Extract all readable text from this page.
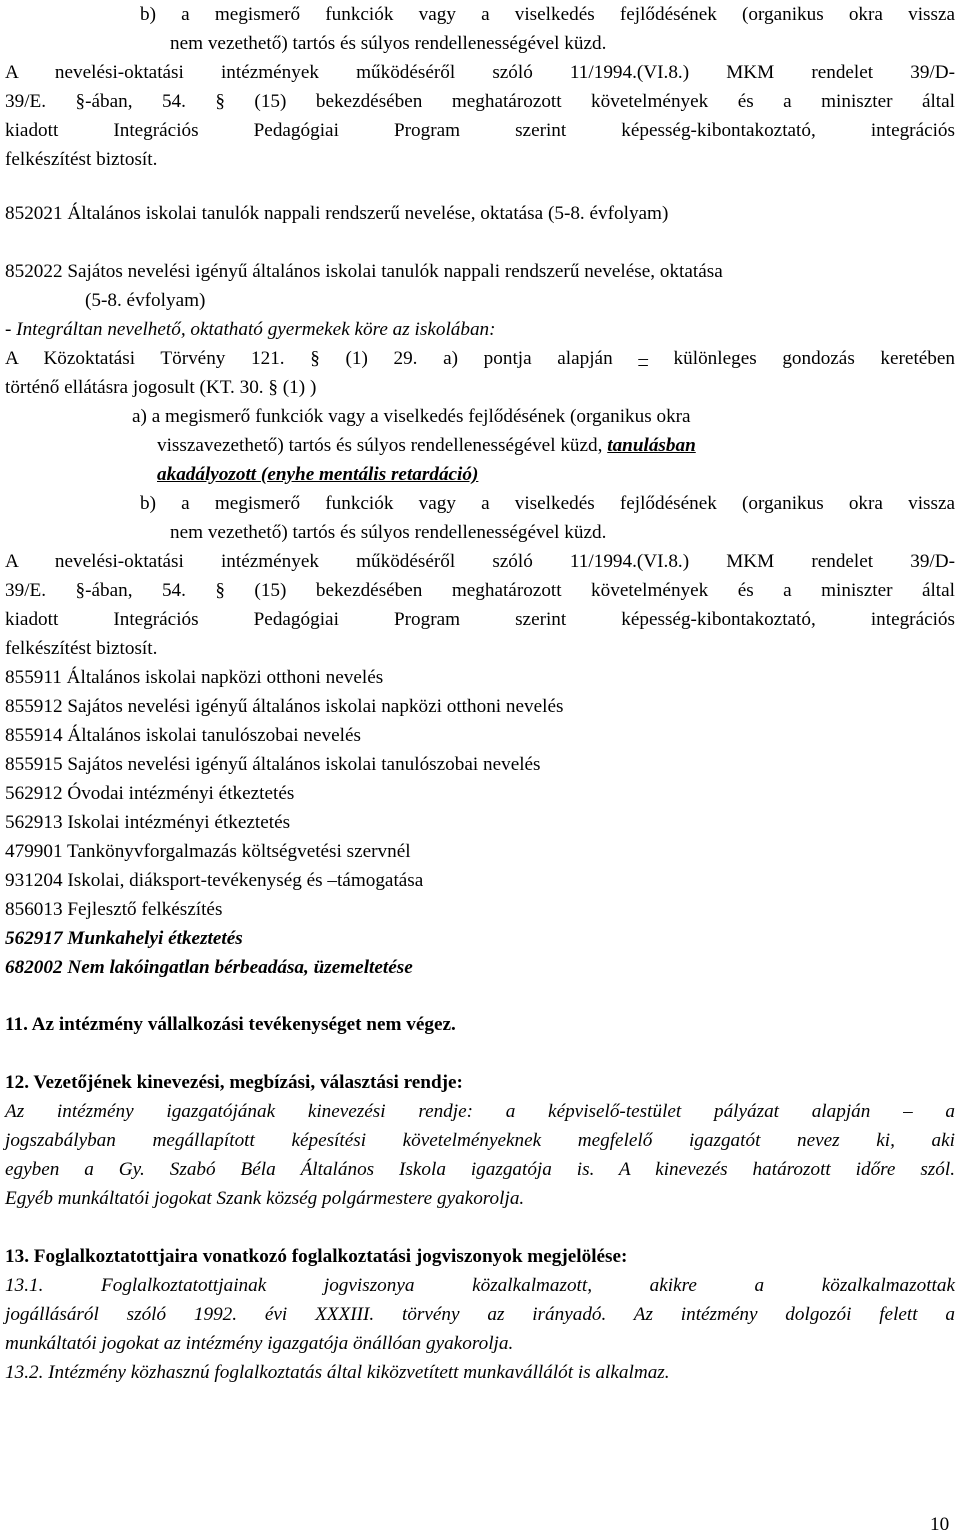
b) a megismerő funkciók vagy a viselkedés fejlődésének (organikus okra vissza
nem vezethető) tartós és súlyos rendellenességével küzd.
A nevelési-oktatási intézmények működéséről szóló 11/1994.(VI.8.) MKM rendelet 39/D-
39/E. §-ában, 54. § (15) bekezdésében meghatározott követelmények és a miniszter által
kiadott Integrációs Pedagógiai Program szerint képesség-kibontakoztató, integrációs
felkészítést biztosít.
852021 Általános iskolai tanulók nappali rendszerű nevelése, oktatása (5-8. évfolyam)
852022 Sajátos nevelési igényű általános iskolai tanulók nappali rendszerű nevelése, oktatása
(5-8. évfolyam)
- Integráltan nevelhető, oktatható gyermekek köre az iskolában:
A Közoktatási Törvény 121. § (1) 29. a) pontja alapján – különleges gondozás keretében
történő ellátásra jogosult (KT. 30. § (1) )
a) a megismerő funkciók vagy a viselkedés fejlődésének (organikus okra
visszavezethető) tartós és súlyos rendellenességével küzd, tanulásban
akadályozott (enyhe mentális retardáció)
b) a megismerő funkciók vagy a viselkedés fejlődésének (organikus okra vissza
nem vezethető) tartós és súlyos rendellenességével küzd.
A nevelési-oktatási intézmények működéséről szóló 11/1994.(VI.8.) MKM rendelet 39/D-
39/E. §-ában, 54. § (15) bekezdésében meghatározott követelmények és a miniszter által
kiadott Integrációs Pedagógiai Program szerint képesség-kibontakoztató, integrációs
felkészítést biztosít.
855911 Általános iskolai napközi otthoni nevelés
855912 Sajátos nevelési igényű általános iskolai napközi otthoni nevelés
855914 Általános iskolai tanulószobai nevelés
855915 Sajátos nevelési igényű általános iskolai tanulószobai nevelés
562912 Óvodai intézményi étkeztetés
562913 Iskolai intézményi étkeztetés
479901 Tankönyvforgalmazás költségvetési szervnél
931204 Iskolai, diáksport-tevékenység és –támogatása
856013 Fejlesztő felkészítés
562917 Munkahelyi étkeztetés
682002 Nem lakóingatlan bérbeadása, üzemeltetése
11. Az intézmény vállalkozási tevékenységet nem végez.
12. Vezetőjének kinevezési, megbízási, választási rendje:
Az intézmény igazgatójának kinevezési rendje: a képviselő-testület pályázat alapján – a
jogszabályban megállapított képesítési követelményeknek megfelelő igazgatót nevez ki, aki
egyben a Gy. Szabó Béla Általános Iskola igazgatója is. A kinevezés határozott időre szól.
Egyéb munkáltatói jogokat Szank község polgármestere gyakorolja.
13. Foglalkoztatottjaira vonatkozó foglalkoztatási jogviszonyok megjelölése:
13.1. Foglalkoztatottjainak jogviszonya közalkalmazott, akikre a közalkalmazottak
jogállásáról szóló 1992. évi XXXIII. törvény az irányadó. Az intézmény dolgozói felett a
munkáltatói jogokat az intézmény igazgatója önállóan gyakorolja.
13.2. Intézmény közhasznú foglalkoztatás által kiközvetített munkavállálót is alkalmaz.
10
